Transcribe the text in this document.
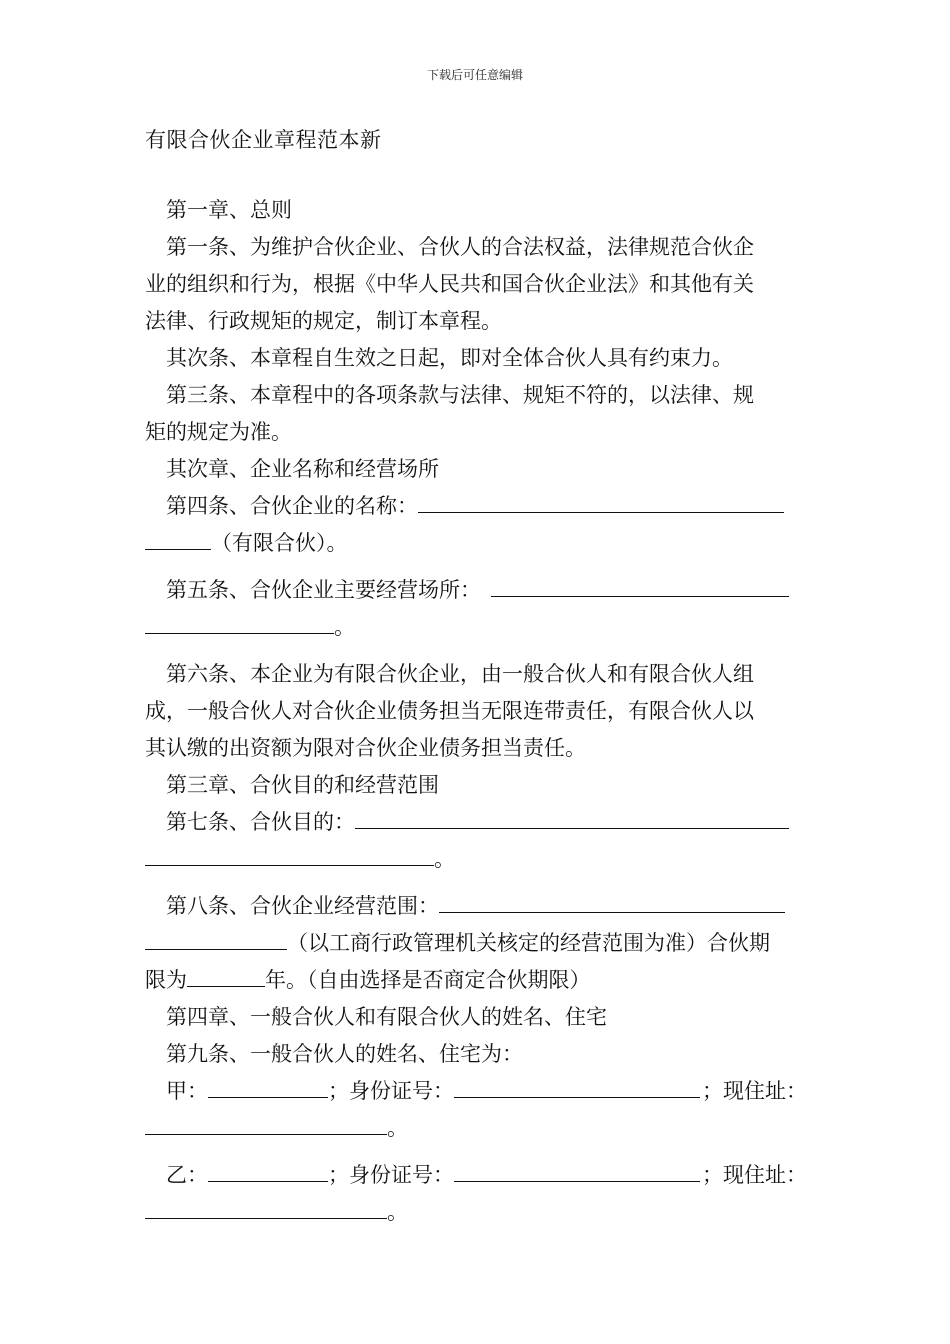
下载后可任意编辑
有限合伙企业章程范本新

第一章、总则

第一条、为维护合伙企业、合伙人的合法权益，法律规范合伙企

业的组织和行为，根据《中华人民共和国合伙企业法》和其他有关

法律、行政规矩的规定，制订本章程。

其次条、本章程自生效之日起，即对全体合伙人具有约束力。

第三条、本章程中的各项条款与法律、规矩不符的，以法律、规

矩的规定为准。

其次章、企业名称和经营场所

第四条、合伙企业的名称：

（有限合伙）。

第五条、合伙企业主要经营场所：

。

第六条、本企业为有限合伙企业，由一般合伙人和有限合伙人组

成，一般合伙人对合伙企业债务担当无限连带责任，有限合伙人以

其认缴的出资额为限对合伙企业债务担当责任。

第三章、合伙目的和经营范围

第七条、合伙目的：

。

第八条、合伙企业经营范围：

（以工商行政管理机关核定的经营范围为准）合伙期

限为	年。（自由选择是否商定合伙期限）

第四章、一般合伙人和有限合伙人的姓名、住宅

第九条、一般合伙人的姓名、住宅为：

甲：	；身份证号：	；现住址：

。

乙：	；身份证号：	；现住址：

。
